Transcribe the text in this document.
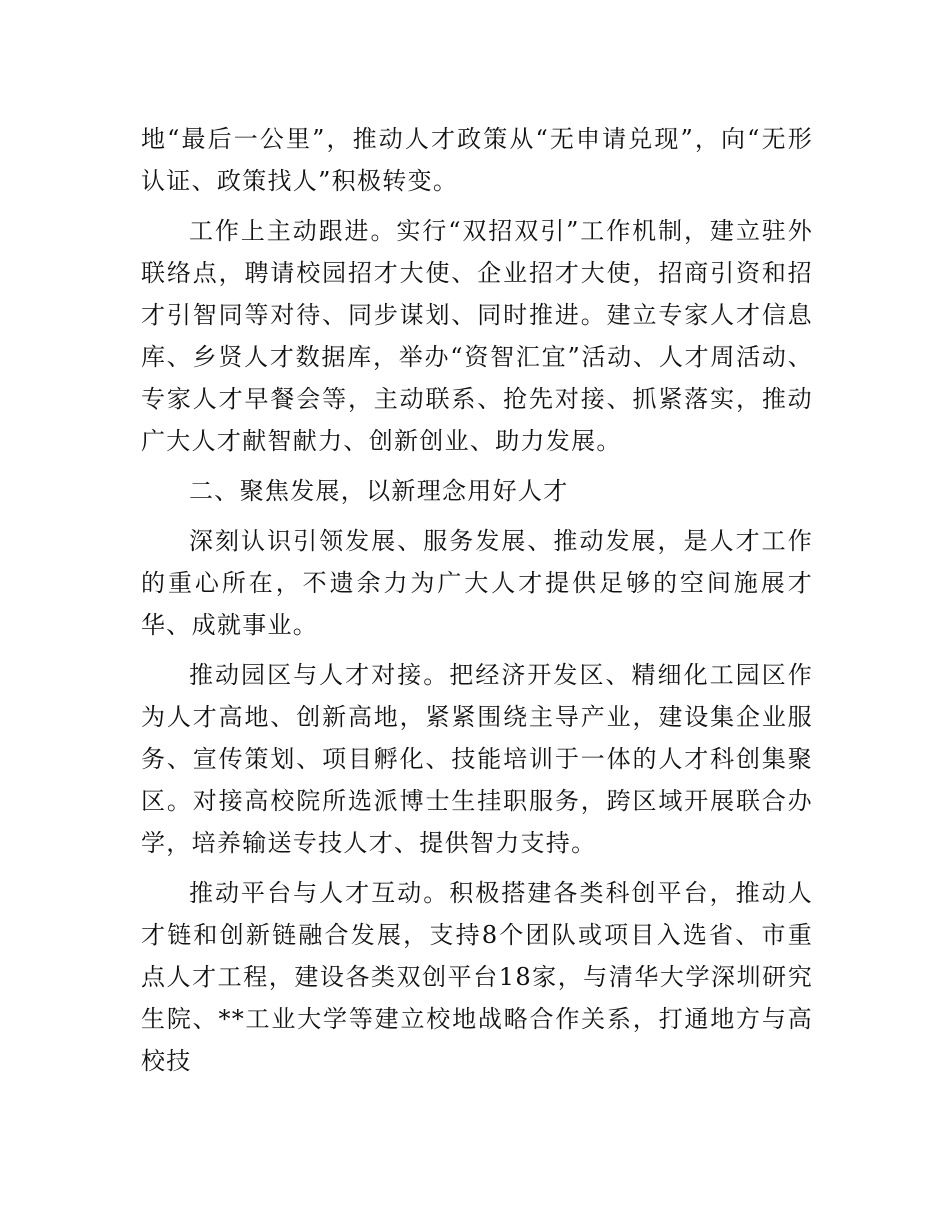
地“最后一公里”，推动人才政策从“无申请兑现”，向“无形认证、政策找人”积极转变。

工作上主动跟进。实行“双招双引”工作机制，建立驻外联络点，聘请校园招才大使、企业招才大使，招商引资和招才引智同等对待、同步谋划、同时推进。建立专家人才信息库、乡贤人才数据库，举办“资智汇宜”活动、人才周活动、专家人才早餐会等，主动联系、抢先对接、抓紧落实，推动广大人才献智献力、创新创业、助力发展。

二、聚焦发展，以新理念用好人才

深刻认识引领发展、服务发展、推动发展，是人才工作的重心所在，不遗余力为广大人才提供足够的空间施展才华、成就事业。

推动园区与人才对接。把经济开发区、精细化工园区作为人才高地、创新高地，紧紧围绕主导产业，建设集企业服务、宣传策划、项目孵化、技能培训于一体的人才科创集聚区。对接高校院所选派博士生挂职服务，跨区域开展联合办学，培养输送专技人才、提供智力支持。

推动平台与人才互动。积极搭建各类科创平台，推动人才链和创新链融合发展，支持8个团队或项目入选省、市重点人才工程，建设各类双创平台18家，与清华大学深圳研究生院、**工业大学等建立校地战略合作关系，打通地方与高校技
